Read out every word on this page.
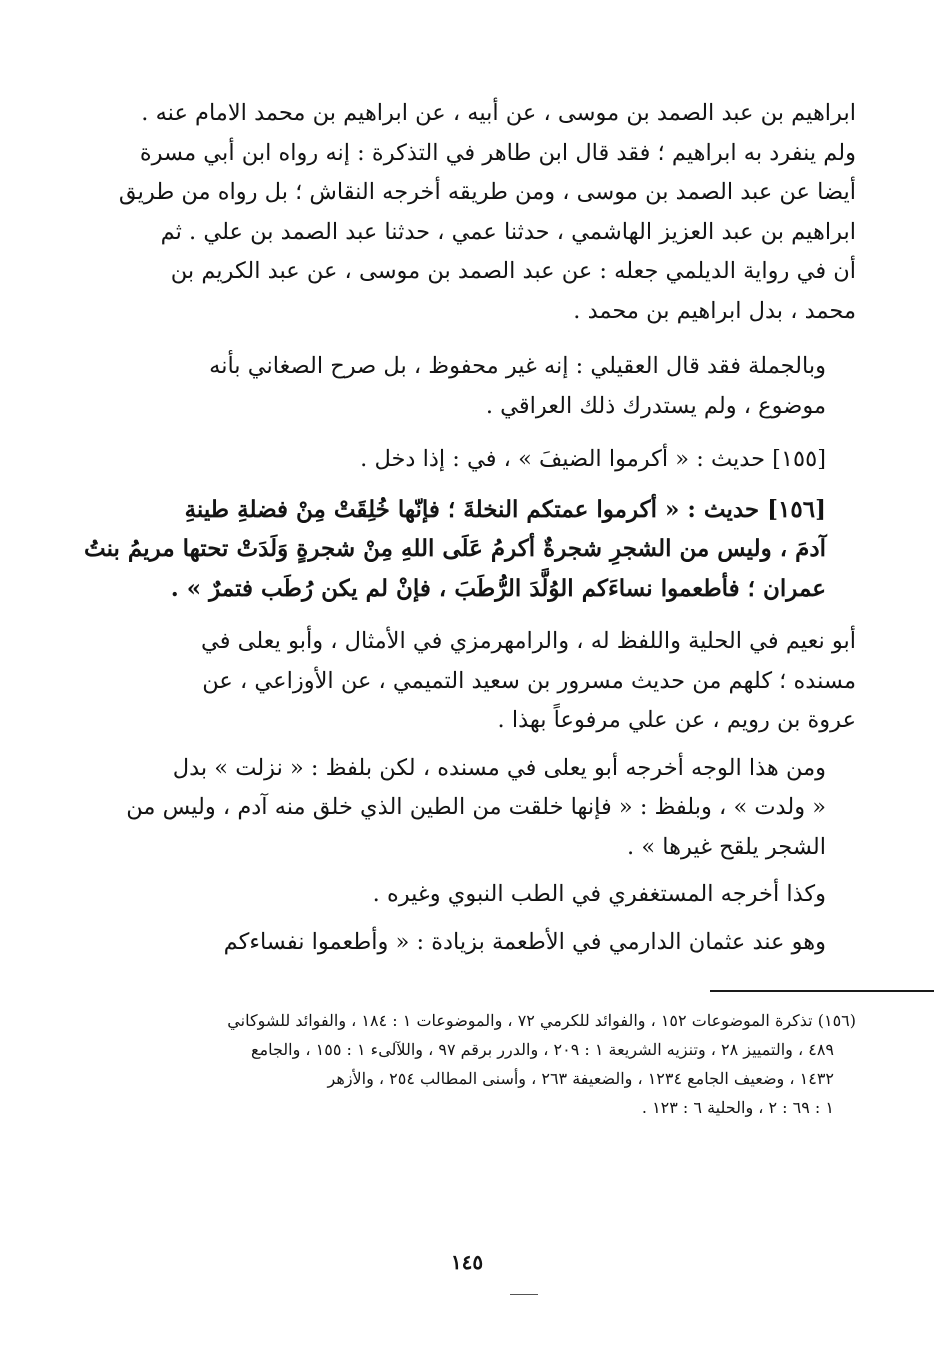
ابراهيم بن عبد الصمد بن موسى ، عن أبيه ، عن ابراهيم بن محمد الامام عنه .
ولم ينفرد به ابراهيم ؛ فقد قال ابن طاهر في التذكرة : إنه رواه ابن أبي مسرة
أيضا عن عبد الصمد بن موسى ، ومن طريقه أخرجه النقاش ؛ بل رواه من طريق
ابراهيم بن عبد العزيز الهاشمي ، حدثنا عمي ، حدثنا عبد الصمد بن علي . ثم
أن في رواية الديلمي جعله : عن عبد الصمد بن موسى ، عن عبد الكريم بن
محمد ، بدل ابراهيم بن محمد .

وبالجملة فقد قال العقيلي : إنه غير محفوظ ، بل صرح الصغاني بأنه
موضوع ، ولم يستدرك ذلك العراقي .

[١٥٥] حديث : « أكرموا الضيفَ » ، في : إذا دخل .

[١٥٦] حديث : « أكرموا عمتكم النخلةَ ؛ فإنّها خُلِقَتْ مِنْ فضلةِ طينةِ
آدمَ ، وليس من الشجرِ شجرةٌ أكرمُ عَلَى اللهِ مِنْ شجرةٍ وَلَدَتْ تحتها مريمُ بنتُ
عمران ؛ فأطعموا نساءَكم الوُلَّدَ الرُّطَبَ ، فإنْ لم يكن رُطَب فتمرٌ » .

أبو نعيم في الحلية واللفظ له ، والرامهرمزي في الأمثال ، وأبو يعلى في
مسنده ؛ كلهم من حديث مسرور بن سعيد التميمي ، عن الأوزاعي ، عن
عروة بن رويم ، عن علي مرفوعاً بهذا .

ومن هذا الوجه أخرجه أبو يعلى في مسنده ، لكن بلفظ : « نزلت » بدل
« ولدت » ، وبلفظ : « فإنها خلقت من الطين الذي خلق منه آدم ، وليس من
الشجر يلقح غيرها » .

وكذا أخرجه المستغفري في الطب النبوي وغيره .

وهو عند عثمان الدارمي في الأطعمة بزيادة : « وأطعموا نفساءكم

(١٥٦) تذكرة الموضوعات ١٥٢ ، والفوائد للكرمي ٧٢ ، والموضوعات ١ : ١٨٤ ، والفوائد للشوكاني
٤٨٩ ، والتمييز ٢٨ ، وتنزيه الشريعة ١ : ٢٠٩ ، والدرر برقم ٩٧ ، واللآلىء ١ : ١٥٥ ، والجامع
١٤٣٢ ، وضعيف الجامع ١٢٣٤ ، والضعيفة ٢٦٣ ، وأسنى المطالب ٢٥٤ ، والأزهر
١ : ٦٩ : ٢ ، والحلية ٦ : ١٢٣ .
١٤٥
